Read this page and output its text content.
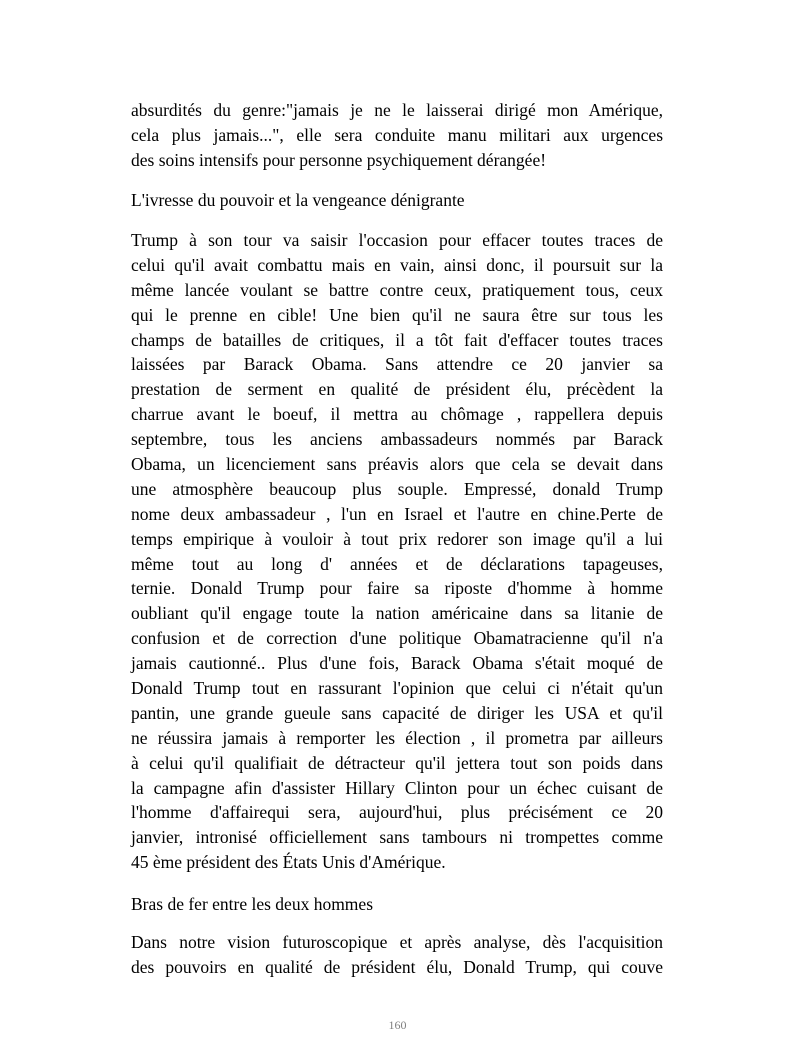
absurdités du genre:"jamais je ne le laisserai dirigé mon Amérique,
cela plus jamais...", elle sera conduite manu militari aux urgences
des soins intensifs pour personne psychiquement dérangée!
L'ivresse du pouvoir et la vengeance dénigrante
Trump à son tour va saisir l'occasion pour effacer toutes traces de
celui qu'il avait combattu mais en vain, ainsi donc, il poursuit sur la
même lancée voulant se battre contre ceux, pratiquement tous, ceux
qui le prenne en cible! Une bien qu'il ne saura être sur tous les
champs de batailles de critiques, il a tôt fait d'effacer toutes traces
laissées par Barack Obama. Sans attendre ce 20 janvier sa
prestation de serment en qualité de président élu, précèdent la
charrue avant le boeuf, il mettra au chômage , rappellera depuis
septembre, tous les anciens ambassadeurs nommés par Barack
Obama, un licenciement sans préavis alors que cela se devait dans
une atmosphère beaucoup plus souple. Empressé, donald Trump
nome deux ambassadeur , l'un en Israel et l'autre en chine.Perte de
temps empirique à vouloir à tout prix redorer son image qu'il a lui
même tout au long d' années et de déclarations tapageuses,
ternie. Donald Trump pour faire sa riposte d'homme à homme
oubliant qu'il engage toute la nation américaine dans sa litanie de
confusion et de correction d'une politique Obamatracienne qu'il n'a
jamais cautionné.. Plus d'une fois, Barack Obama s'était moqué de
Donald Trump tout en rassurant l'opinion que celui ci n'était qu'un
pantin, une grande gueule sans capacité de diriger les USA et qu'il
ne réussira jamais à remporter les élection , il prometra par ailleurs
à celui qu'il qualifiait de détracteur qu'il jettera tout son poids dans
la campagne afin d'assister Hillary Clinton pour un échec cuisant de
l'homme d'affairequi sera, aujourd'hui, plus précisément ce 20
janvier, intronisé officiellement sans tambours ni trompettes comme
45 ème président des États Unis d'Amérique.
Bras de fer entre les deux hommes
Dans notre vision futuroscopique et après analyse, dès l'acquisition
des pouvoirs en qualité de président élu, Donald Trump, qui couve
160
